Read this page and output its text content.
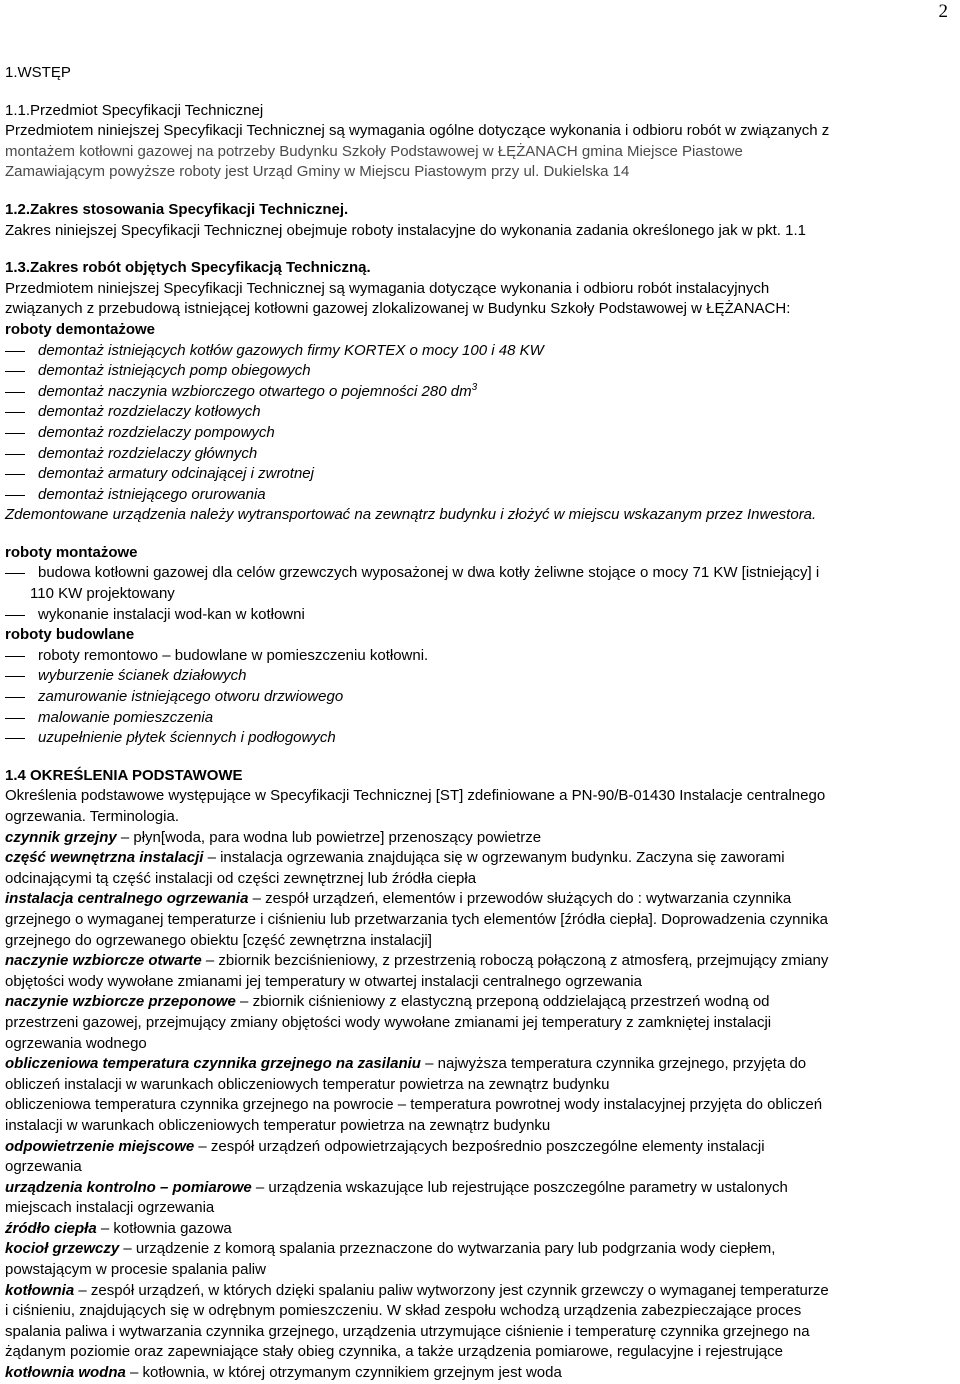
2
1.WSTĘP
1.1.Przedmiot Specyfikacji Technicznej
Przedmiotem niniejszej Specyfikacji Technicznej są wymagania ogólne dotyczące wykonania i odbioru robót w związanych z
montażem kotłowni gazowej na potrzeby Budynku Szkoły Podstawowej w ŁĘŻANACH gmina Miejsce Piastowe
Zamawiającym powyższe roboty jest Urząd Gminy w Miejscu Piastowym przy ul. Dukielska 14
1.2.Zakres stosowania Specyfikacji Technicznej.
Zakres niniejszej Specyfikacji Technicznej obejmuje roboty instalacyjne do wykonania zadania określonego jak w pkt. 1.1
1.3.Zakres robót objętych Specyfikacją Techniczną.
Przedmiotem niniejszej Specyfikacji Technicznej są wymagania dotyczące wykonania i odbioru robót instalacyjnych
związanych z przebudową istniejącej kotłowni gazowej zlokalizowanej w Budynku Szkoły Podstawowej w ŁĘŻANACH:
roboty demontażowe
demontaż istniejących kotłów gazowych firmy KORTEX o mocy 100 i 48 KW
demontaż istniejących pomp obiegowych
demontaż naczynia wzbiorczego otwartego o pojemności 280 $dm^3$
demontaż rozdzielaczy kotłowych
demontaż rozdzielaczy pompowych
demontaż rozdzielaczy głównych
demontaż armatury odcinającej i zwrotnej
demontaż istniejącego orurowania
Zdemontowane urządzenia należy wytransportować na zewnątrz budynku i złożyć w miejscu wskazanym przez Inwestora.
roboty montażowe
budowa kotłowni gazowej dla celów grzewczych wyposażonej w dwa kotły żeliwne stojące o mocy 71 KW [istniejący] i
110 KW projektowany
wykonanie instalacji wod-kan w kotłowni
roboty budowlane
roboty remontowo – budowlane w pomieszczeniu kotłowni.
wyburzenie ścianek działowych
zamurowanie istniejącego otworu drzwiowego
malowanie pomieszczenia
uzupełnienie płytek ściennych i podłogowych
1.4 OKREŚLENIA PODSTAWOWE
Określenia podstawowe występujące w Specyfikacji Technicznej [ST] zdefiniowane a PN-90/B-01430 Instalacje centralnego
ogrzewania. Terminologia.
czynnik grzejny – płyn[woda, para wodna lub powietrze] przenoszący powietrze
część wewnętrzna instalacji – instalacja ogrzewania znajdująca się w ogrzewanym budynku. Zaczyna się zaworami
odcinającymi tą część instalacji od części zewnętrznej lub źródła ciepła
instalacja centralnego ogrzewania – zespół urządzeń, elementów i przewodów służących do : wytwarzania czynnika
grzejnego o wymaganej temperaturze i ciśnieniu lub przetwarzania tych elementów [źródła ciepła]. Doprowadzenia czynnika
grzejnego do ogrzewanego obiektu [część zewnętrzna instalacji]
naczynie wzbiorcze otwarte – zbiornik bezciśnieniowy, z przestrzenią roboczą połączoną z atmosferą, przejmujący zmiany
objętości wody wywołane zmianami jej temperatury w otwartej instalacji centralnego ogrzewania
naczynie wzbiorcze przeponowe – zbiornik ciśnieniowy z elastyczną przeponą oddzielającą przestrzeń wodną od
przestrzeni gazowej, przejmujący zmiany objętości wody wywołane zmianami jej temperatury z zamkniętej instalacji
ogrzewania wodnego
obliczeniowa temperatura czynnika grzejnego na zasilaniu – najwyższa temperatura czynnika grzejnego, przyjęta do
obliczeń instalacji w warunkach obliczeniowych temperatur powietrza na zewnątrz budynku
obliczeniowa temperatura czynnika grzejnego na powrocie – temperatura powrotnej wody instalacyjnej przyjęta do obliczeń
instalacji w warunkach obliczeniowych temperatur powietrza na zewnątrz budynku
odpowietrzenie miejscowe – zespół urządzeń odpowietrzających bezpośrednio poszczególne elementy instalacji
ogrzewania
urządzenia kontrolno – pomiarowe – urządzenia wskazujące lub rejestrujące poszczególne parametry w ustalonych
miejscach instalacji ogrzewania
źródło ciepła – kotłownia gazowa
kocioł grzewczy – urządzenie z komorą spalania przeznaczone do wytwarzania pary lub podgrzania wody ciepłem,
powstającym w procesie spalania paliw
kotłownia – zespół urządzeń, w których dzięki spalaniu paliw wytworzony jest czynnik grzewczy o wymaganej temperaturze
i ciśnieniu, znajdujących się w odrębnym pomieszczeniu. W skład zespołu wchodzą urządzenia zabezpieczające proces
spalania paliwa i wytwarzania czynnika grzejnego, urządzenia utrzymujące ciśnienie i temperaturę czynnika grzejnego na
żądanym poziomie oraz zapewniające stały obieg czynnika, a także urządzenia pomiarowe, regulacyjne i rejestrujące
kotłownia wodna – kotłownia, w której otrzymanym czynnikiem grzejnym jest woda
